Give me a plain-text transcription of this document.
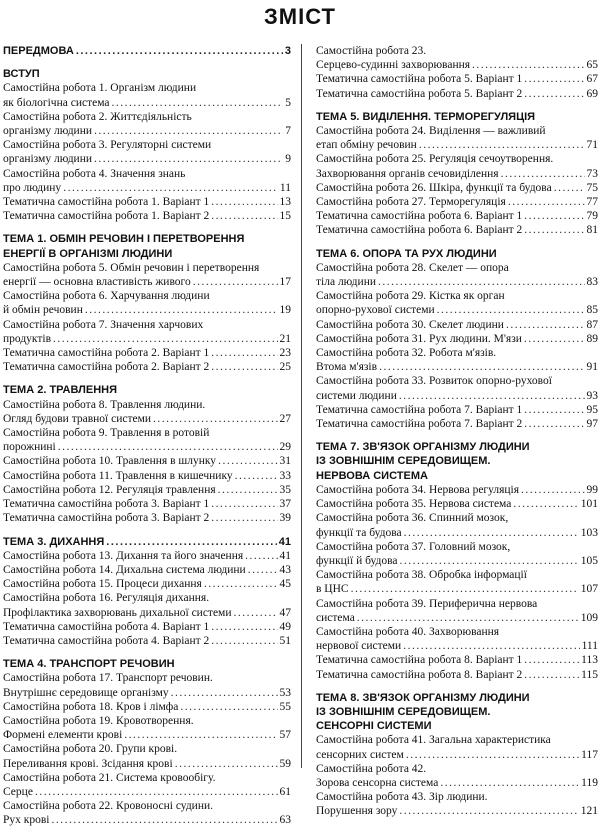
ЗМІСТ
ПЕРЕДМОВА .....	3
ВСТУП
Самостійна робота 1. Організм людини
як біологічна система .....	5
Самостійна робота 2. Життєдіяльність
організму людини .....	7
Самостійна робота 3. Регуляторні системи
організму людини .....	9
Самостійна робота 4. Значення знань
про людину .....	11
Тематична самостійна робота 1. Варіант 1 .....	13
Тематична самостійна робота 1. Варіант 2 .....	15
ТЕМА 1. ОБМІН РЕЧОВИН І ПЕРЕТВОРЕННЯ
ЕНЕРГІЇ В ОРГАНІЗМІ ЛЮДИНИ
Самостійна робота 5. Обмін речовин і перетворення
енергії — основна властивість живого .....	17
Самостійна робота 6. Харчування людини
й обмін речовин .....	19
Самостійна робота 7. Значення харчових
продуктів .....	21
Тематична самостійна робота 2. Варіант 1 .....	23
Тематична самостійна робота 2. Варіант 2 .....	25
ТЕМА 2. ТРАВЛЕННЯ
Самостійна робота 8. Травлення людини.
Огляд будови травної системи .....	27
Самостійна робота 9. Травлення в ротовій
порожнині .....	29
Самостійна робота 10. Травлення в шлунку .....	31
Самостійна робота 11. Травлення в кишечнику .....	33
Самостійна робота 12. Регуляція травлення .....	35
Тематична самостійна робота 3. Варіант 1 .....	37
Тематична самостійна робота 3. Варіант 2 .....	39
ТЕМА 3. ДИХАННЯ .....	41
Самостійна робота 13. Дихання та його значення .....	41
Самостійна робота 14. Дихальна система людини .....	43
Самостійна робота 15. Процеси дихання .....	45
Самостійна робота 16. Регуляція дихання.
Профілактика захворювань дихальної системи .....	47
Тематична самостійна робота 4. Варіант 1 .....	49
Тематична самостійна робота 4. Варіант 2 .....	51
ТЕМА 4. ТРАНСПОРТ РЕЧОВИН
Самостійна робота 17. Транспорт речовин.
Внутрішнє середовище організму .....	53
Самостійна робота 18. Кров і лімфа .....	55
Самостійна робота 19. Кровотворення.
Формені елементи крові .....	57
Самостійна робота 20. Групи крові.
Переливання крові. Зсідання крові .....	59
Самостійна робота 21. Система кровообігу.
Серце .....	61
Самостійна робота 22. Кровоносні судини.
Рух крові .....	63
Самостійна робота 23.
Серцево-судинні захворювання .....	65
Тематична самостійна робота 5. Варіант 1 .....	67
Тематична самостійна робота 5. Варіант 2 .....	69
ТЕМА 5. ВИДІЛЕННЯ. ТЕРМОРЕГУЛЯЦІЯ
Самостійна робота 24. Виділення — важливий
етап обміну речовин .....	71
Самостійна робота 25. Регуляція сечоутворення.
Захворювання органів сечовиділення .....	73
Самостійна робота 26. Шкіра, функції та будова .....	75
Самостійна робота 27. Терморегуляція .....	77
Тематична самостійна робота 6. Варіант 1 .....	79
Тематична самостійна робота 6. Варіант 2 .....	81
ТЕМА 6. ОПОРА ТА РУХ ЛЮДИНИ
Самостійна робота 28. Скелет — опора
тіла людини .....	83
Самостійна робота 29. Кістка як орган
опорно-рухової системи .....	85
Самостійна робота 30. Скелет людини .....	87
Самостійна робота 31. Рух людини. М'язи .....	89
Самостійна робота 32. Робота м'язів.
Втома м'язів .....	91
Самостійна робота 33. Розвиток опорно-рухової
системи людини .....	93
Тематична самостійна робота 7. Варіант 1 .....	95
Тематична самостійна робота 7. Варіант 2 .....	97
ТЕМА 7. ЗВ'ЯЗОК ОРГАНІЗМУ ЛЮДИНИ
ІЗ ЗОВНІШНІМ СЕРЕДОВИЩЕМ.
НЕРВОВА СИСТЕМА
Самостійна робота 34. Нервова регуляція .....	99
Самостійна робота 35. Нервова система .....	101
Самостійна робота 36. Спинний мозок,
функції та будова .....	103
Самостійна робота 37. Головний мозок,
функції й будова .....	105
Самостійна робота 38. Обробка інформації
в ЦНС .....	107
Самостійна робота 39. Периферична нервова
система .....	109
Самостійна робота 40. Захворювання
нервової системи .....	111
Тематична самостійна робота 8. Варіант 1 .....	113
Тематична самостійна робота 8. Варіант 2 .....	115
ТЕМА 8. ЗВ'ЯЗОК ОРГАНІЗМУ ЛЮДИНИ
ІЗ ЗОВНІШНІМ СЕРЕДОВИЩЕМ.
СЕНСОРНІ СИСТЕМИ
Самостійна робота 41. Загальна характеристика
сенсорних систем .....	117
Самостійна робота 42.
Зорова сенсорна система .....	119
Самостійна робота 43. Зір людини.
Порушення зору .....	121
